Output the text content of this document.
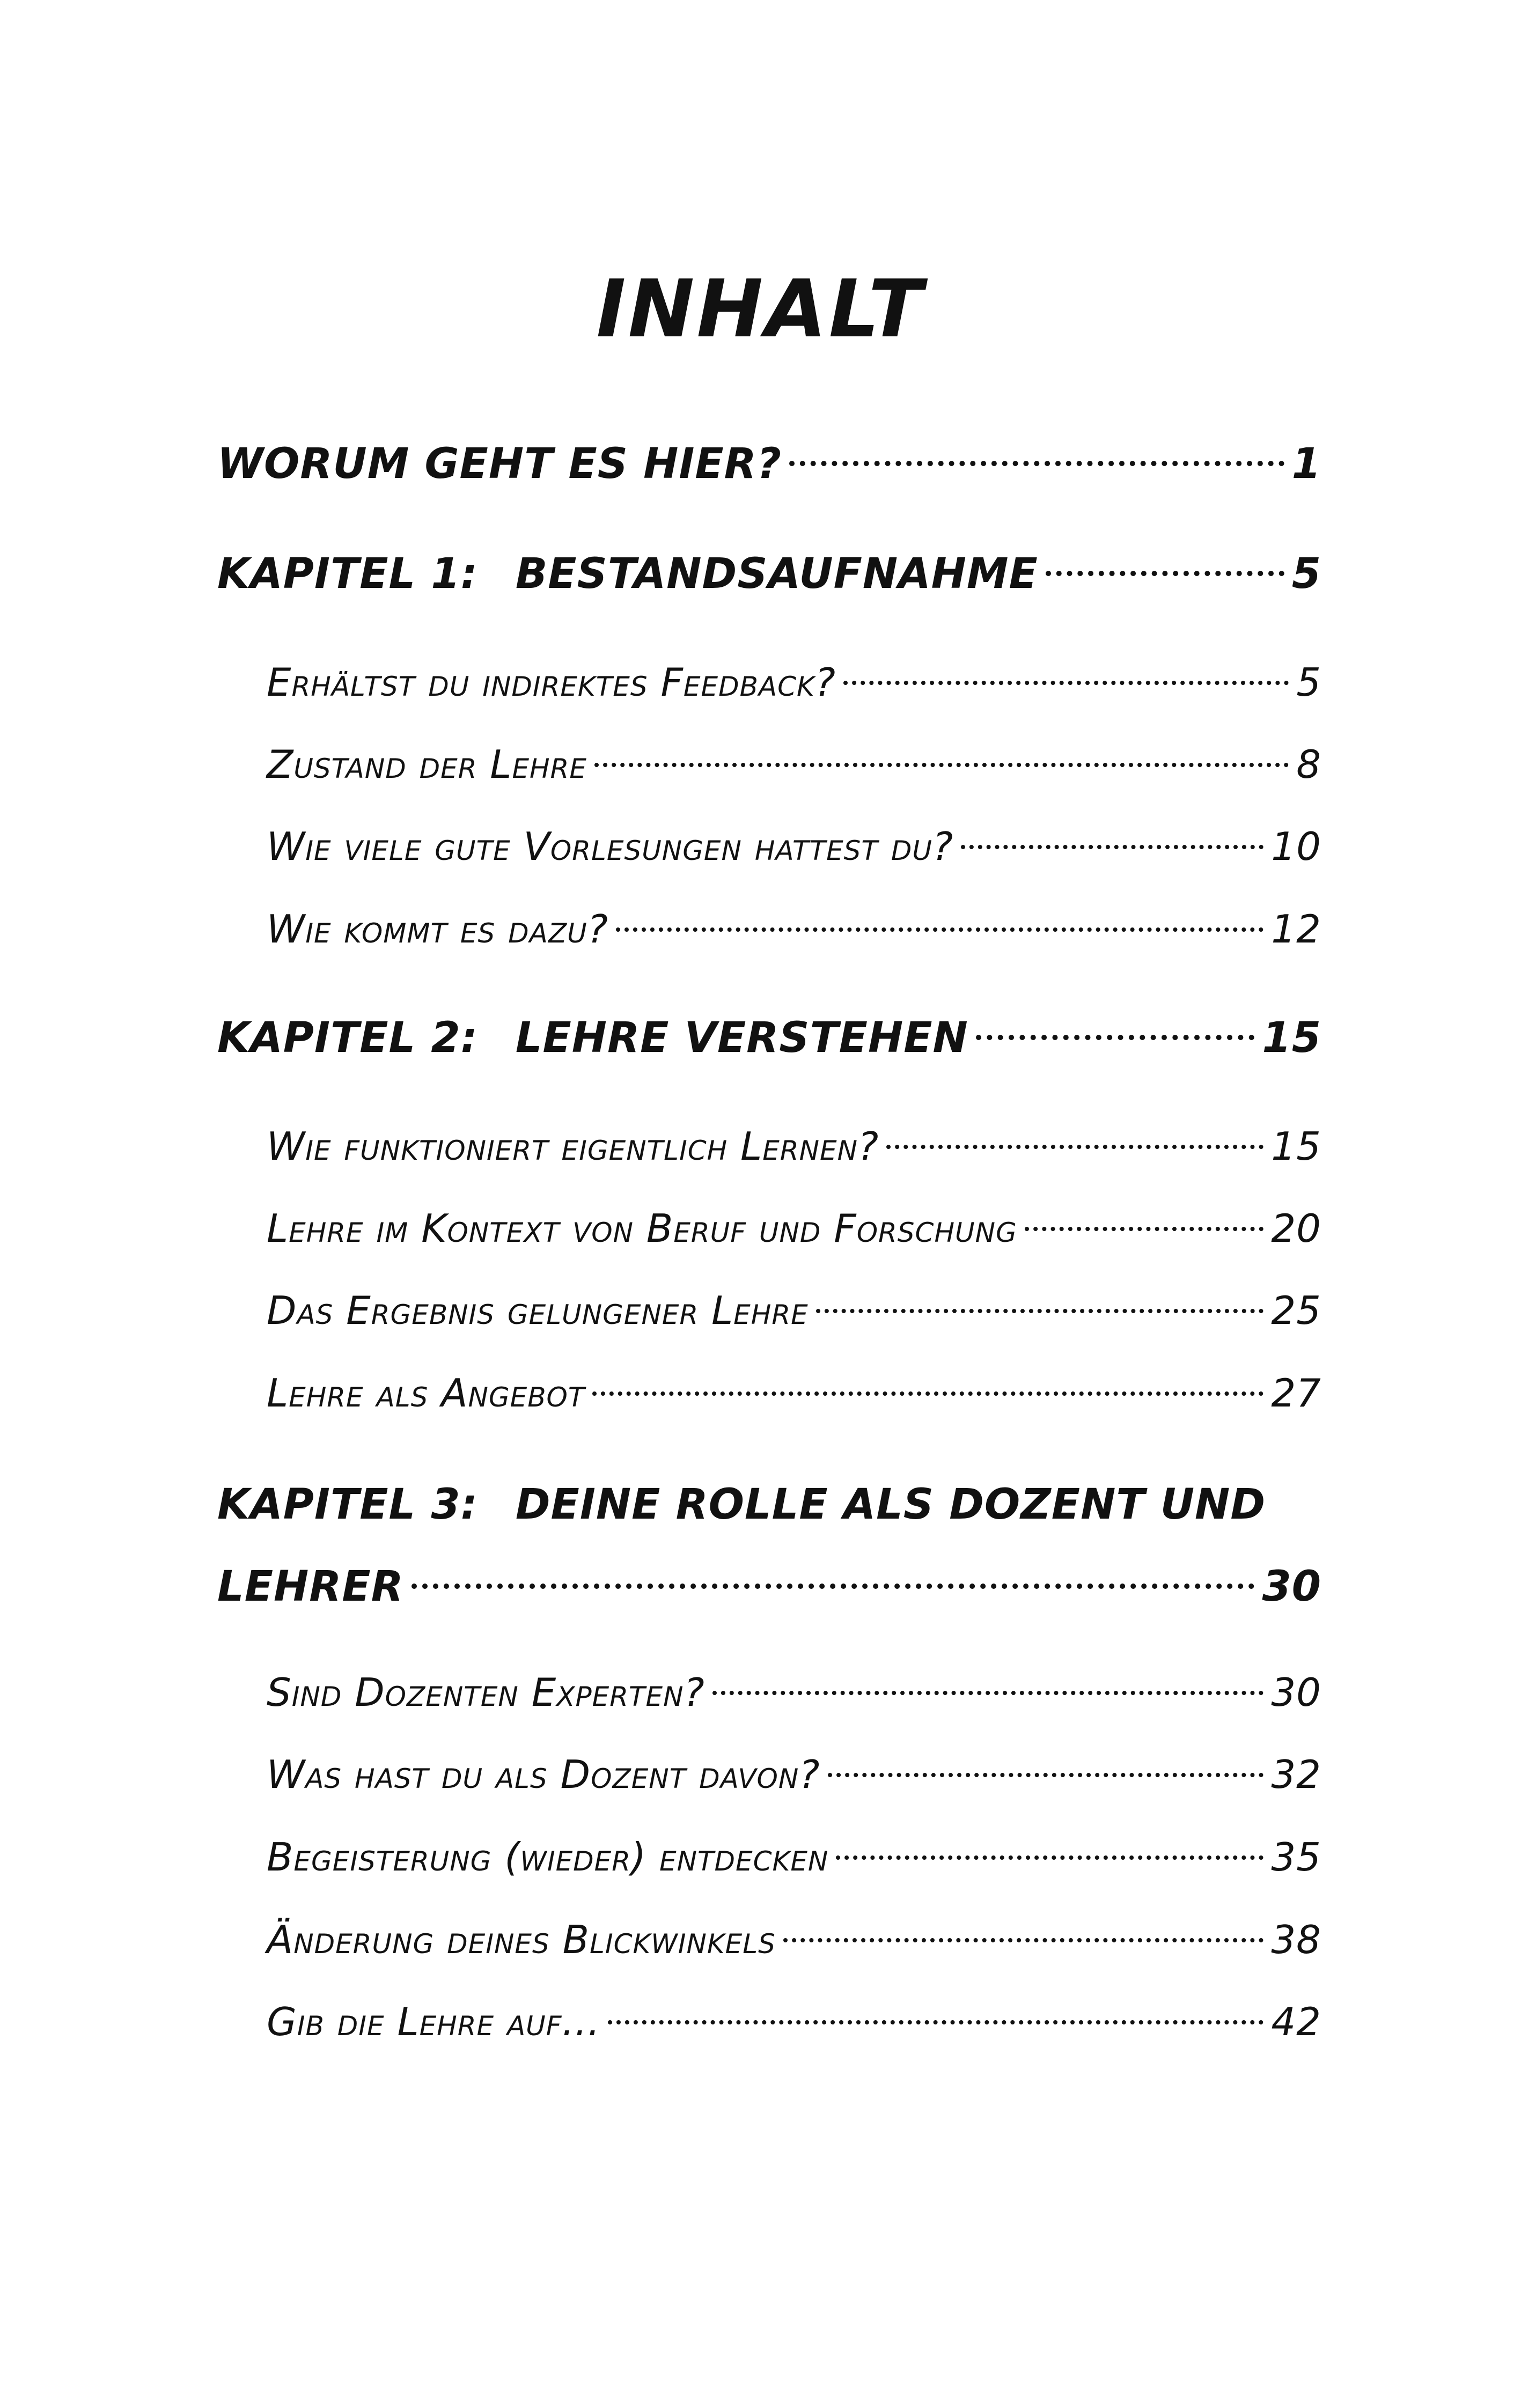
INHALT
WORUM GEHT ES HIER?	1
KAPITEL 1: BESTANDSAUFNAHME	5
Erhältst du indirektes Feedback?	5
Zustand der Lehre	8
Wie viele gute Vorlesungen hattest du?	10
Wie kommt es dazu?	12
KAPITEL 2: LEHRE VERSTEHEN	15
Wie funktioniert eigentlich Lernen?	15
Lehre im Kontext von Beruf und Forschung	20
Das Ergebnis gelungener Lehre	25
Lehre als Angebot	27
KAPITEL 3: DEINE ROLLE ALS DOZENT UND
LEHRER	30
Sind Dozenten Experten?	30
Was hast du als Dozent davon?	32
Begeisterung (wieder) entdecken	35
Änderung deines Blickwinkels	38
Gib die Lehre auf...	42
